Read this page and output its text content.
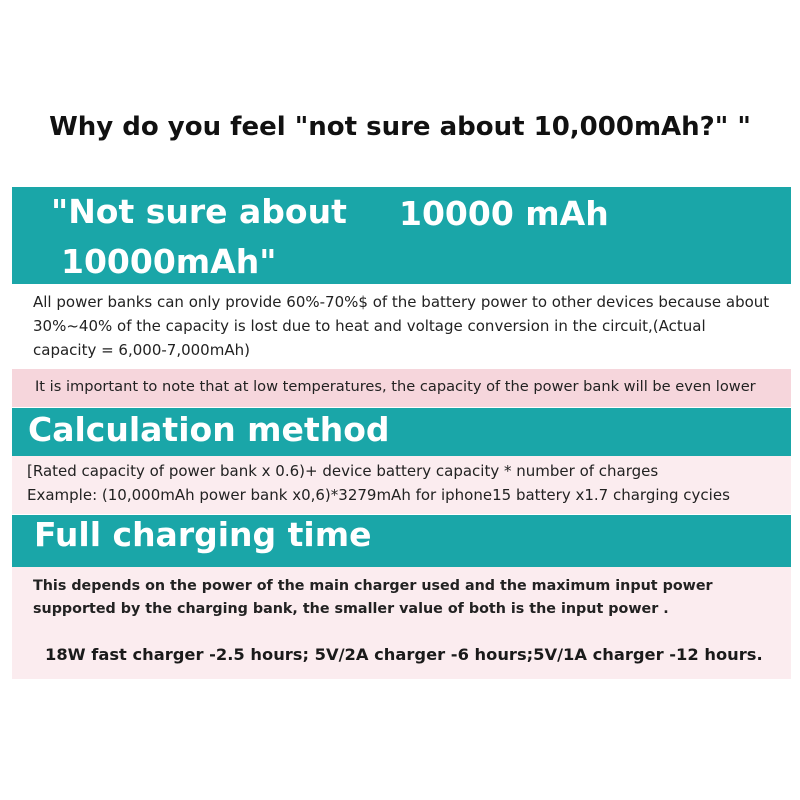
Why do you feel "not sure about 10,000mAh?" "
"Not sure about
10000mAh"
10000 mAh
All power banks can only provide 60%-70%$ of the battery power to other devices because about 30%~40% of the capacity is lost due to heat and voltage conversion in the circuit,(Actual capacity = 6,000-7,000mAh)
It is important to note that at low temperatures, the capacity of the power bank will be even lower
Calculation method
[Rated capacity of power bank x 0.6)+ device battery capacity * number of charges
Example: (10,000mAh power bank x0,6)*3279mAh for iphone15 battery x1.7 charging cycies
Full charging time
This depends on the power of the main charger used and the maximum input power supported by the charging bank, the smaller value of both is the input power .
18W fast charger -2.5 hours; 5V/2A charger -6 hours;5V/1A charger -12 hours.
